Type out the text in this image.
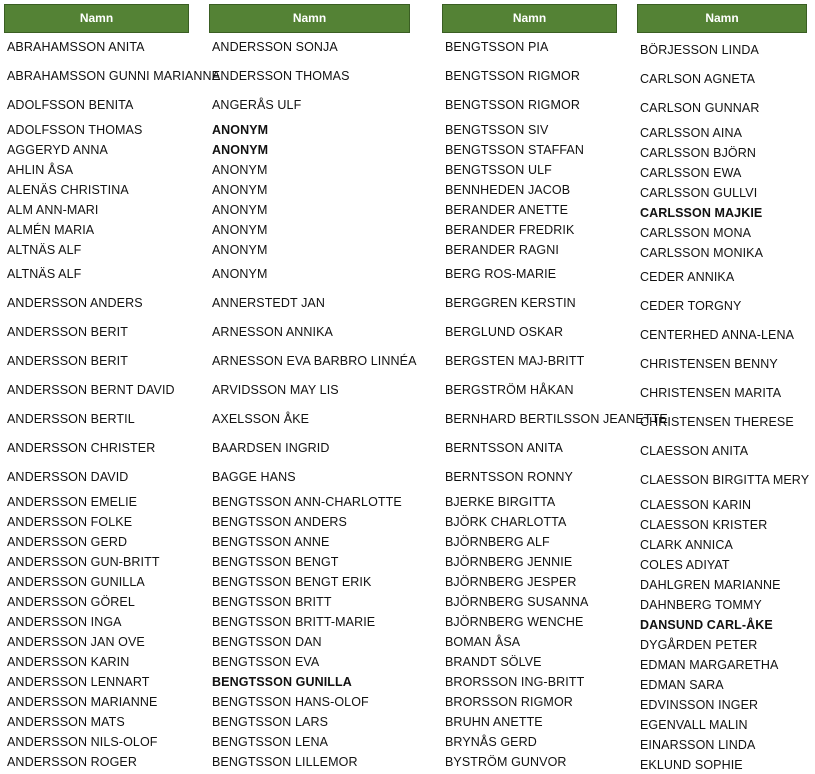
Namn
ABRAHAMSSON ANITA
ABRAHAMSSON GUNNI MARIANNE
ADOLFSSON BENITA
ADOLFSSON THOMAS
AGGERYD ANNA
AHLIN ÅSA
ALENÄS CHRISTINA
ALM ANN-MARI
ALMÉN MARIA
ALTNÄS ALF
ALTNÄS ALF
ANDERSSON ANDERS
ANDERSSON BERIT
ANDERSSON BERIT
ANDERSSON BERNT DAVID
ANDERSSON BERTIL
ANDERSSON CHRISTER
ANDERSSON DAVID
ANDERSSON EMELIE
ANDERSSON FOLKE
ANDERSSON GERD
ANDERSSON GUN-BRITT
ANDERSSON GUNILLA
ANDERSSON GÖREL
ANDERSSON INGA
ANDERSSON JAN OVE
ANDERSSON KARIN
ANDERSSON LENNART
ANDERSSON MARIANNE
ANDERSSON MATS
ANDERSSON NILS-OLOF
ANDERSSON ROGER
Namn
ANDERSSON SONJA
ANDERSSON THOMAS
ANGERÅS ULF
ANONYM
ANONYM
ANONYM
ANONYM
ANONYM
ANONYM
ANONYM
ANONYM
ANNERSTEDT JAN
ARNESSON ANNIKA
ARNESSON EVA BARBRO LINNÉA
ARVIDSSON MAY LIS
AXELSSON ÅKE
BAARDSEN INGRID
BAGGE HANS
BENGTSSON ANN-CHARLOTTE
BENGTSSON ANDERS
BENGTSSON ANNE
BENGTSSON BENGT
BENGTSSON BENGT ERIK
BENGTSSON BRITT
BENGTSSON BRITT-MARIE
BENGTSSON DAN
BENGTSSON EVA
BENGTSSON GUNILLA
BENGTSSON HANS-OLOF
BENGTSSON LARS
BENGTSSON LENA
BENGTSSON LILLEMOR
Namn
BENGTSSON PIA
BENGTSSON RIGMOR
BENGTSSON RIGMOR
BENGTSSON SIV
BENGTSSON STAFFAN
BENGTSSON ULF
BENNHEDEN JACOB
BERANDER ANETTE
BERANDER FREDRIK
BERANDER RAGNI
BERG ROS-MARIE
BERGGREN KERSTIN
BERGLUND OSKAR
BERGSTEN MAJ-BRITT
BERGSTRÖM HÅKAN
BERNHARD BERTILSSON JEANETTE
BERNTSSON ANITA
BERNTSSON RONNY
BJERKE BIRGITTA
BJÖRK CHARLOTTA
BJÖRNBERG ALF
BJÖRNBERG JENNIE
BJÖRNBERG JESPER
BJÖRNBERG SUSANNA
BJÖRNBERG WENCHE
BOMAN ÅSA
BRANDT SÖLVE
BRORSSON ING-BRITT
BRORSSON RIGMOR
BRUHN ANETTE
BRYNÅS GERD
BYSTRÖM GUNVOR
Namn
BÖRJESSON LINDA
CARLSON AGNETA
CARLSON GUNNAR
CARLSSON AINA
CARLSSON BJÖRN
CARLSSON EWA
CARLSSON GULLVI
CARLSSON MAJKIE
CARLSSON MONA
CARLSSON MONIKA
CEDER ANNIKA
CEDER TORGNY
CENTERHED ANNA-LENA
CHRISTENSEN BENNY
CHRISTENSEN MARITA
CHRISTENSEN THERESE
CLAESSON ANITA
CLAESSON BIRGITTA MERY
CLAESSON KARIN
CLAESSON KRISTER
CLARK ANNICA
COLES ADIYAT
DAHLGREN MARIANNE
DAHNBERG TOMMY
DANSUND CARL-ÅKE
DYGÅRDEN PETER
EDMAN MARGARETHA
EDMAN SARA
EDVINSSON INGER
EGENVALL MALIN
EINARSSON LINDA
EKLUND SOPHIE
